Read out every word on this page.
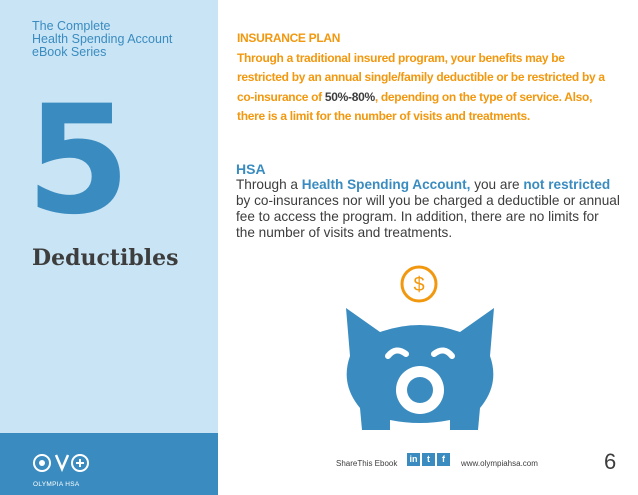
The Complete
Health Spending Account
eBook Series
5
Deductibles
INSURANCE PLAN
Through a traditional insured program, your benefits may be restricted by an annual single/family deductible or be restricted by a co-insurance of 50%-80%, depending on the type of service. Also, there is a limit for the number of visits and treatments.
HSA
Through a Health Spending Account, you are not restricted by co-insurances nor will you be charged a deductible or annual fee to access the program. In addition, there are no limits for the number of visits and treatments.
$
OLYMPIA HSA
ShareThis Ebook in	t	f	www.olympiahsa.com	6
